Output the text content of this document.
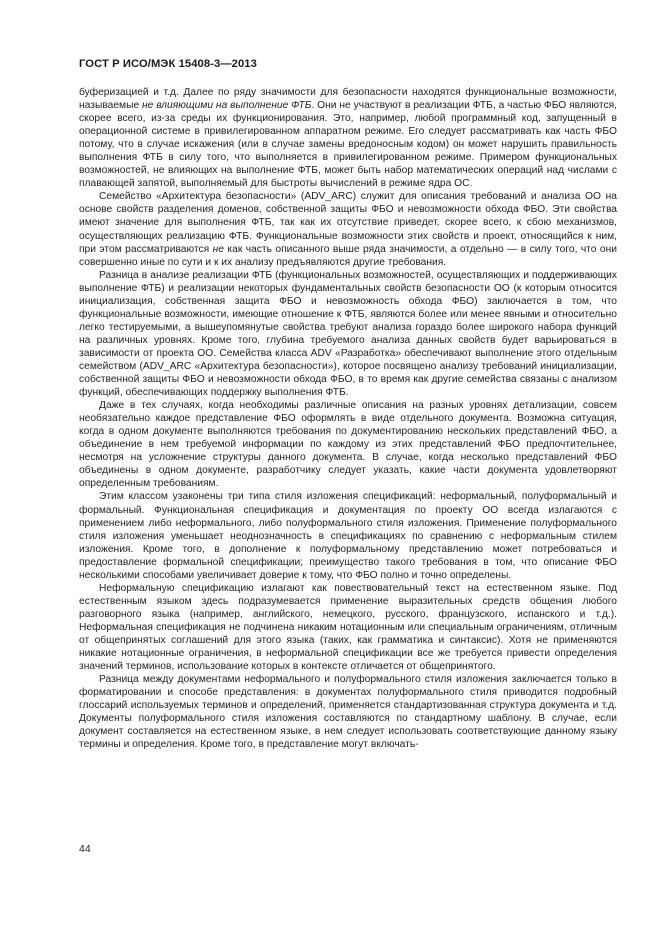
ГОСТ Р ИСО/МЭК 15408-3—2013

буферизацией и т.д. Далее по ряду значимости для безопасности находятся функциональные возможности, называемые не влияющими на выполнение ФТБ. Они не участвуют в реализации ФТБ, а частью ФБО являются, скорее всего, из-за среды их функционирования. Это, например, любой программный код, запущенный в операционной системе в привилегированном аппаратном режиме. Его следует рассматривать как часть ФБО потому, что в случае искажения (или в случае замены вредоносным кодом) он может нарушить правильность выполнения ФТБ в силу того, что выполняется в привилегированном режиме. Примером функциональных возможностей, не влияющих на выполнение ФТБ, может быть набор математических операций над числами с плавающей запятой, выполняемый для быстроты вычислений в режиме ядра ОС.

Семейство «Архитектура безопасности» (ADV_ARC) служит для описания требований и анализа ОО на основе свойств разделения доменов, собственной защиты ФБО и невозможности обхода ФБО. Эти свойства имеют значение для выполнения ФТБ, так как их отсутствие приведет, скорее всего, к сбою механизмов, осуществляющих реализацию ФТБ. Функциональные возможности этих свойств и проект, относящийся к ним, при этом рассматриваются не как часть описанного выше ряда значимости, а отдельно — в силу того, что они совершенно иные по сути и к их анализу предъявляются другие требования.

Разница в анализе реализации ФТБ (функциональных возможностей, осуществляющих и поддерживающих выполнение ФТБ) и реализации некоторых фундаментальных свойств безопасности ОО (к которым относится инициализация, собственная защита ФБО и невозможность обхода ФБО) заключается в том, что функциональные возможности, имеющие отношение к ФТБ, являются более или менее явными и относительно легко тестируемыми, а вышеупомянутые свойства требуют анализа гораздо более широкого набора функций на различных уровнях. Кроме того, глубина требуемого анализа данных свойств будет варьироваться в зависимости от проекта ОО. Семейства класса ADV «Разработка» обеспечивают выполнение этого отдельным семейством (ADV_ARC «Архитектура безопасности»), которое посвящено анализу требований инициализации, собственной защиты ФБО и невозможности обхода ФБО, в то время как другие семейства связаны с анализом функций, обеспечивающих поддержку выполнения ФТБ.

Даже в тех случаях, когда необходимы различные описания на разных уровнях детализации, совсем необязательно каждое представление ФБО оформлять в виде отдельного документа. Возможна ситуация, когда в одном документе выполняются требования по документированию нескольких представлений ФБО, а объединение в нем требуемой информации по каждому из этих представлений ФБО предпочтительнее, несмотря на усложнение структуры данного документа. В случае, когда несколько представлений ФБО объединены в одном документе, разработчику следует указать, какие части документа удовлетворяют определенным требованиям.

Этим классом узаконены три типа стиля изложения спецификаций: неформальный, полуформальный и формальный. Функциональная спецификация и документация по проекту ОО всегда излагаются с применением либо неформального, либо полуформального стиля изложения. Применение полуформального стиля изложения уменьшает неоднозначность в спецификациях по сравнению с неформальным стилем изложения. Кроме того, в дополнение к полуформальному представлению может потребоваться и предоставление формальной спецификации; преимущество такого требования в том, что описание ФБО несколькими способами увеличивает доверие к тому, что ФБО полно и точно определены.

Неформальную спецификацию излагают как повествовательный текст на естественном языке. Под естественным языком здесь подразумевается применение выразительных средств общения любого разговорного языка (например, английского, немецкого, русского, французского, испанского и т.д.). Неформальная спецификация не подчинена никаким нотационным или специальным ограничениям, отличным от общепринятых соглашений для этого языка (таких, как грамматика и синтаксис). Хотя не применяются никакие нотационные ограничения, в неформальной спецификации все же требуется привести определения значений терминов, использование которых в контексте отличается от общепринятого.

Разница между документами неформального и полуформального стиля изложения заключается только в форматировании и способе представления: в документах полуформального стиля приводится подробный глоссарий используемых терминов и определений, применяется стандартизованная структура документа и т.д. Документы полуформального стиля изложения составляются по стандартному шаблону. В случае, если документ составляется на естественном языке, в нем следует использовать соответствующие данному языку термины и определения. Кроме того, в представление могут включать-

44
